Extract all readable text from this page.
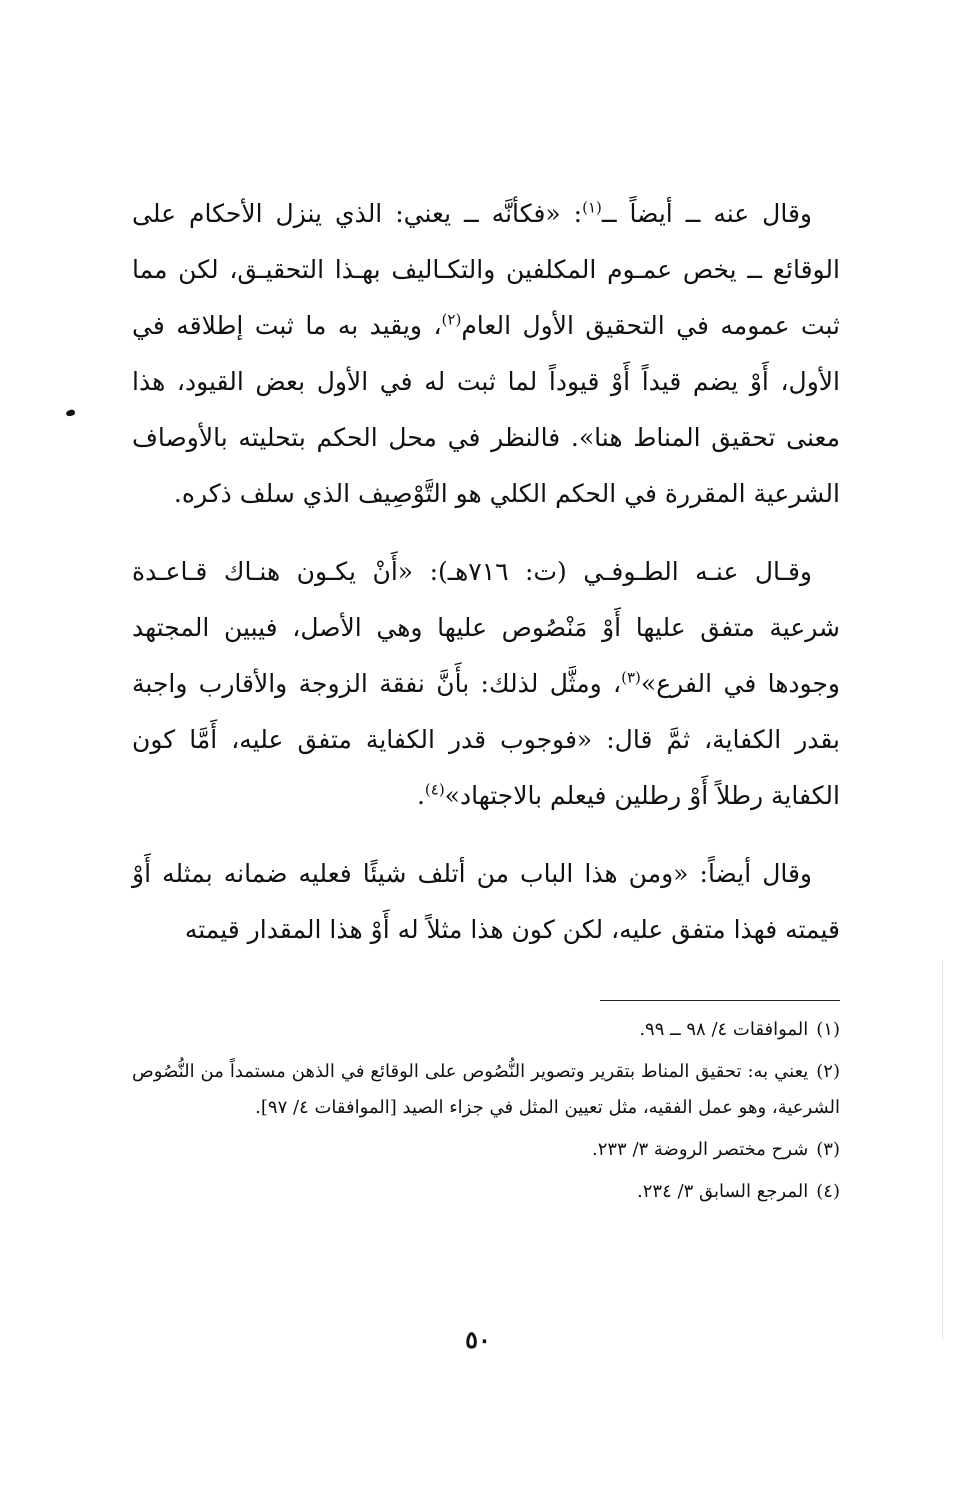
وقال عنه ــ أيضاً ــ$^{(١)}$: «فكأنَّه ــ يعني: الذي ينزل الأحكام على الوقائع ــ يخص عمـوم المكلفين والتكـاليف بهـذا التحقيـق، لكن مما ثبت عمومه في التحقيق الأول العام$^{(٢)}$، ويقيد به ما ثبت إطلاقه في الأول، أَوْ يضم قيداً أَوْ قيوداً لما ثبت له في الأول بعض القيود، هذا معنى تحقيق المناط هنا». فالنظر في محل الحكم بتحليته بالأوصاف الشرعية المقررة في الحكم الكلي هو التَّوْصِيف الذي سلف ذكره.

وقـال عنـه الطـوفـي (ت: ٧١٦هـ): «أَنْ يكـون هنـاك قـاعـدة شرعية متفق عليها أَوْ مَنْصُوص عليها وهي الأصل، فيبين المجتهد وجودها في الفرع»$^{(٣)}$، ومثَّل لذلك: بأَنَّ نفقة الزوجة والأقارب واجبة بقدر الكفاية، ثمَّ قال: «فوجوب قدر الكفاية متفق عليه، أَمَّا كون الكفاية رطلاً أَوْ رطلين فيعلم بالاجتهاد»$^{(٤)}$.

وقال أيضاً: «ومن هذا الباب من أتلف شيئًا فعليه ضمانه بمثله أَوْ قيمته فهذا متفق عليه، لكن كون هذا مثلاً له أَوْ هذا المقدار قيمته

(١)الموافقات ٤/ ٩٨ ــ ٩٩.

(٢)يعني به: تحقيق المناط بتقرير وتصوير النُّصُوص على الوقائع في الذهن مستمداً من النُّصُوص الشرعية، وهو عمل الفقيه، مثل تعيين المثل في جزاء الصيد [الموافقات ٤/ ٩٧].

(٣)شرح مختصر الروضة ٣/ ٢٣٣.

(٤)المرجع السابق ٣/ ٢٣٤.

٥٠
